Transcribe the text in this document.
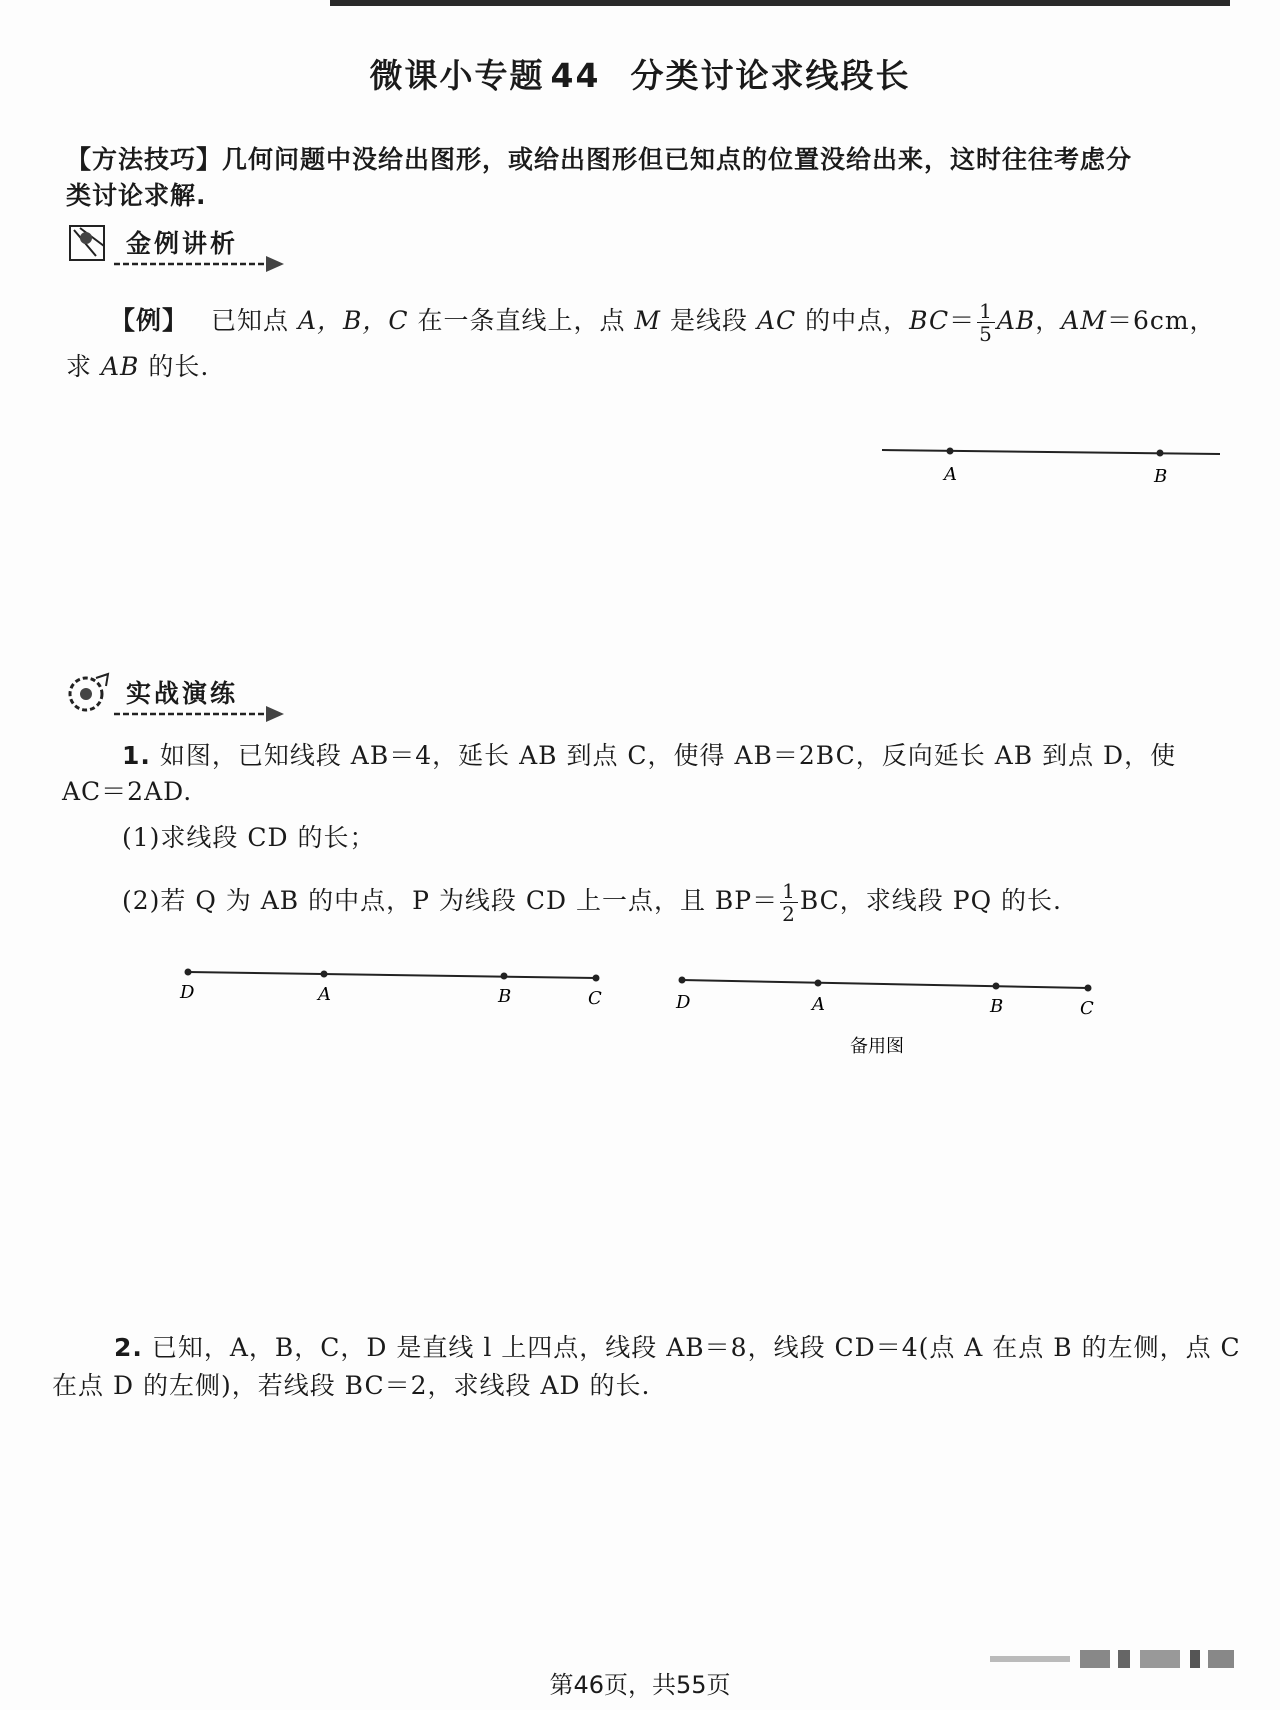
微课小专题 44 分类讨论求线段长
【方法技巧】几何问题中没给出图形，或给出图形但已知点的位置没给出来，这时往往考虑分
类讨论求解.
金例讲析
【例】 已知点 A，B，C 在一条直线上，点 M 是线段 AC 的中点，$BC= \frac{1}{5}$ AB，AM＝6cm，
求 AB 的长.
A	B
实战演练
1. 如图，已知线段 AB＝4，延长 AB 到点 C，使得 AB＝2BC，反向延长 AB 到点 D，使
AC＝2AD.
(1)求线段 CD 的长；
(2)若 Q 为 AB 的中点，P 为线段 CD 上一点，且 $BP= \frac{1}{2}$ BC，求线段 PQ 的长.
D	A	B	C	D	A	B	C
备用图
2. 已知，A，B，C，D 是直线 l 上四点，线段 AB＝8，线段 CD＝4(点 A 在点 B 的左侧，点 C
在点 D 的左侧)，若线段 BC＝2，求线段 AD 的长.
第46页，共55页
